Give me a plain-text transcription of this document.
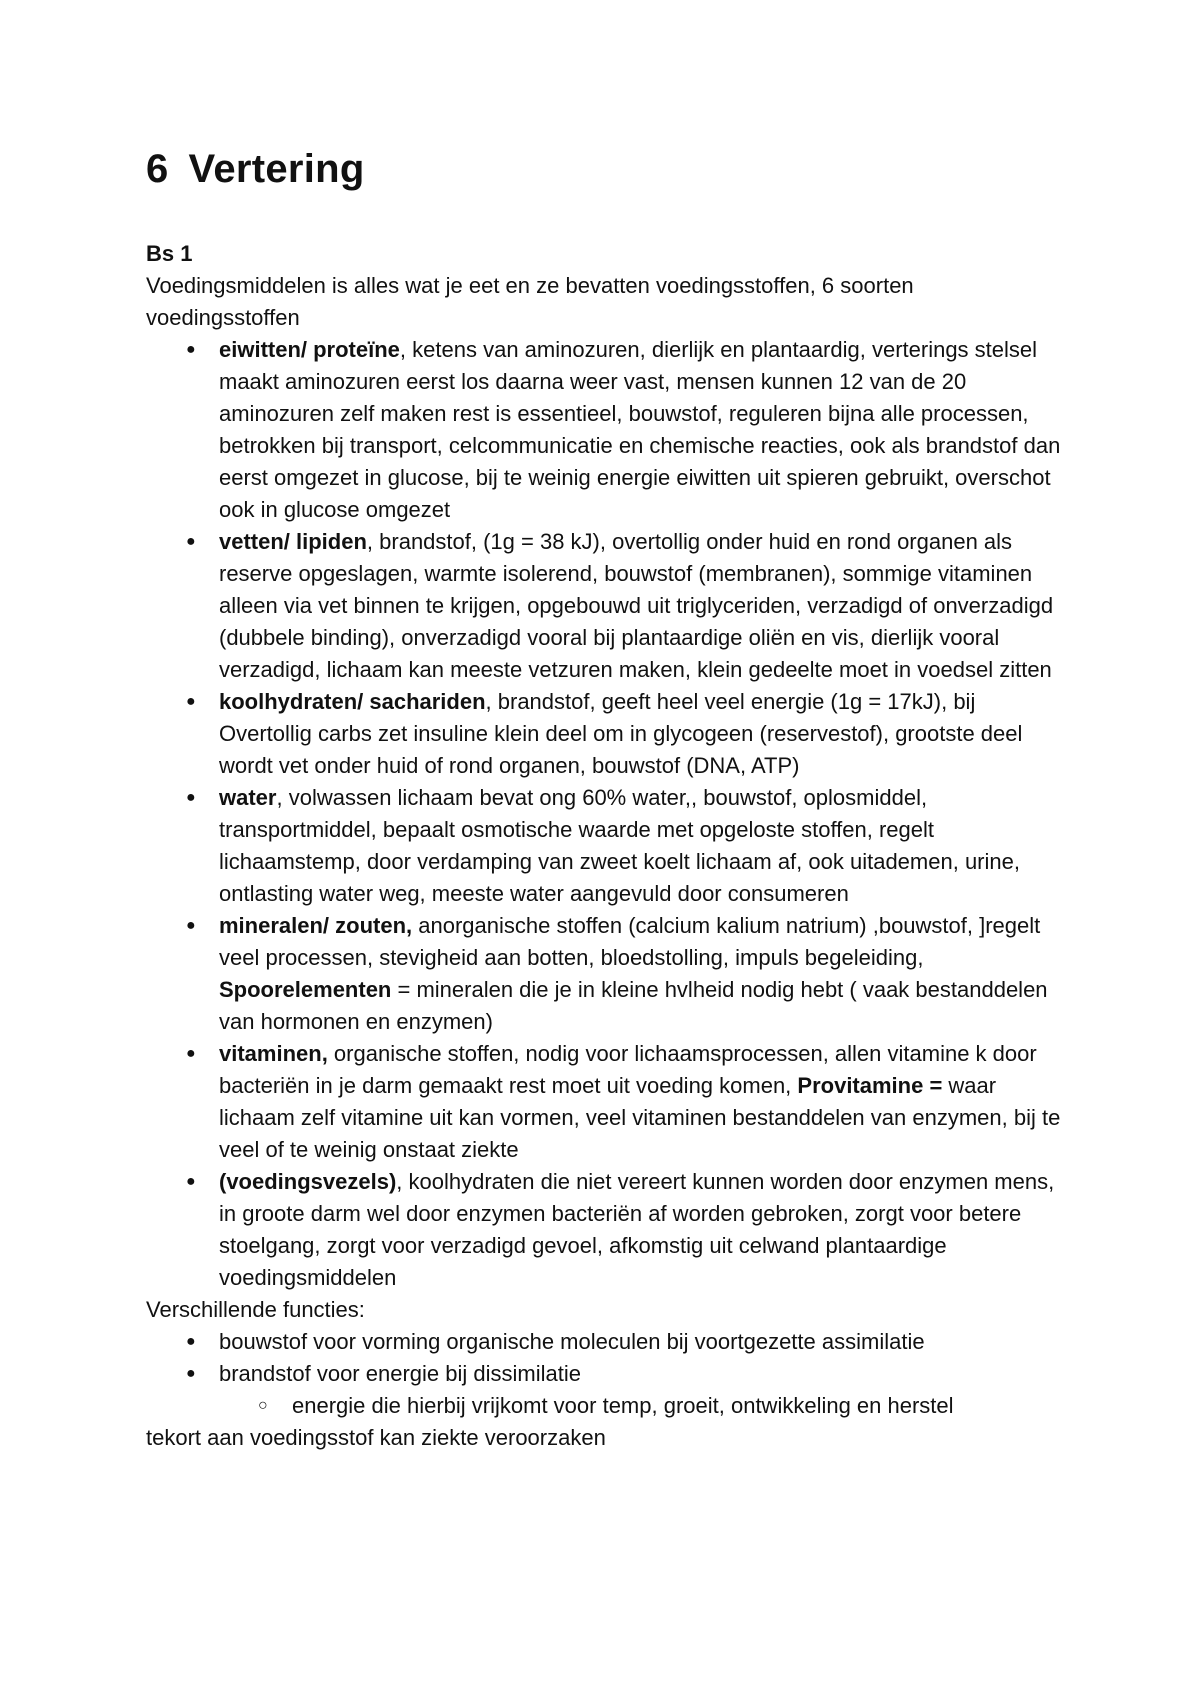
6 Vertering
Bs 1

Voedingsmiddelen is alles wat je eet en ze bevatten voedingsstoffen, 6 soorten voedingsstoffen

● eiwitten/ proteïne, ketens van aminozuren, dierlijk en plantaardig, verterings stelsel maakt aminozuren eerst los daarna weer vast, mensen kunnen 12 van de 20 aminozuren zelf maken rest is essentieel, bouwstof, reguleren bijna alle processen, betrokken bij transport, celcommunicatie en chemische reacties, ook als brandstof dan eerst omgezet in glucose, bij te weinig energie eiwitten uit spieren gebruikt, overschot ook in glucose omgezet
● vetten/ lipiden, brandstof, (1g = 38 kJ), overtollig onder huid en rond organen als reserve opgeslagen, warmte isolerend, bouwstof (membranen), sommige vitaminen alleen via vet binnen te krijgen, opgebouwd uit triglyceriden, verzadigd of onverzadigd (dubbele binding), onverzadigd vooral bij plantaardige oliën en vis, dierlijk vooral verzadigd, lichaam kan meeste vetzuren maken, klein gedeelte moet in voedsel zitten
● koolhydraten/ sachariden, brandstof, geeft heel veel energie (1g = 17kJ), bij Overtollig carbs zet insuline klein deel om in glycogeen (reservestof), grootste deel wordt vet onder huid of rond organen, bouwstof (DNA, ATP)
● water, volwassen lichaam bevat ong 60% water,, bouwstof, oplosmiddel, transportmiddel, bepaalt osmotische waarde met opgeloste stoffen, regelt lichaamstemp, door verdamping van zweet koelt lichaam af, ook uitademen, urine, ontlasting water weg, meeste water aangevuld door consumeren
● mineralen/ zouten, anorganische stoffen (calcium kalium natrium) ,bouwstof, ]regelt veel processen, stevigheid aan botten, bloedstolling, impuls begeleiding, Spoorelementen = mineralen die je in kleine hvlheid nodig hebt ( vaak bestanddelen van hormonen en enzymen)
● vitaminen, organische stoffen, nodig voor lichaamsprocessen, allen vitamine k door bacteriën in je darm gemaakt rest moet uit voeding komen, Provitamine = waar lichaam zelf vitamine uit kan vormen, veel vitaminen bestanddelen van enzymen, bij te veel of te weinig onstaat ziekte
● (voedingsvezels), koolhydraten die niet vereert kunnen worden door enzymen mens, in groote darm wel door enzymen bacteriën af worden gebroken, zorgt voor betere stoelgang, zorgt voor verzadigd gevoel, afkomstig uit celwand plantaardige voedingsmiddelen

Verschillende functies:

● bouwstof voor vorming organische moleculen bij voortgezette assimilatie
● brandstof voor energie bij dissimilatie
○ energie die hierbij vrijkomt voor temp, groeit, ontwikkeling en herstel

tekort aan voedingsstof kan ziekte veroorzaken
